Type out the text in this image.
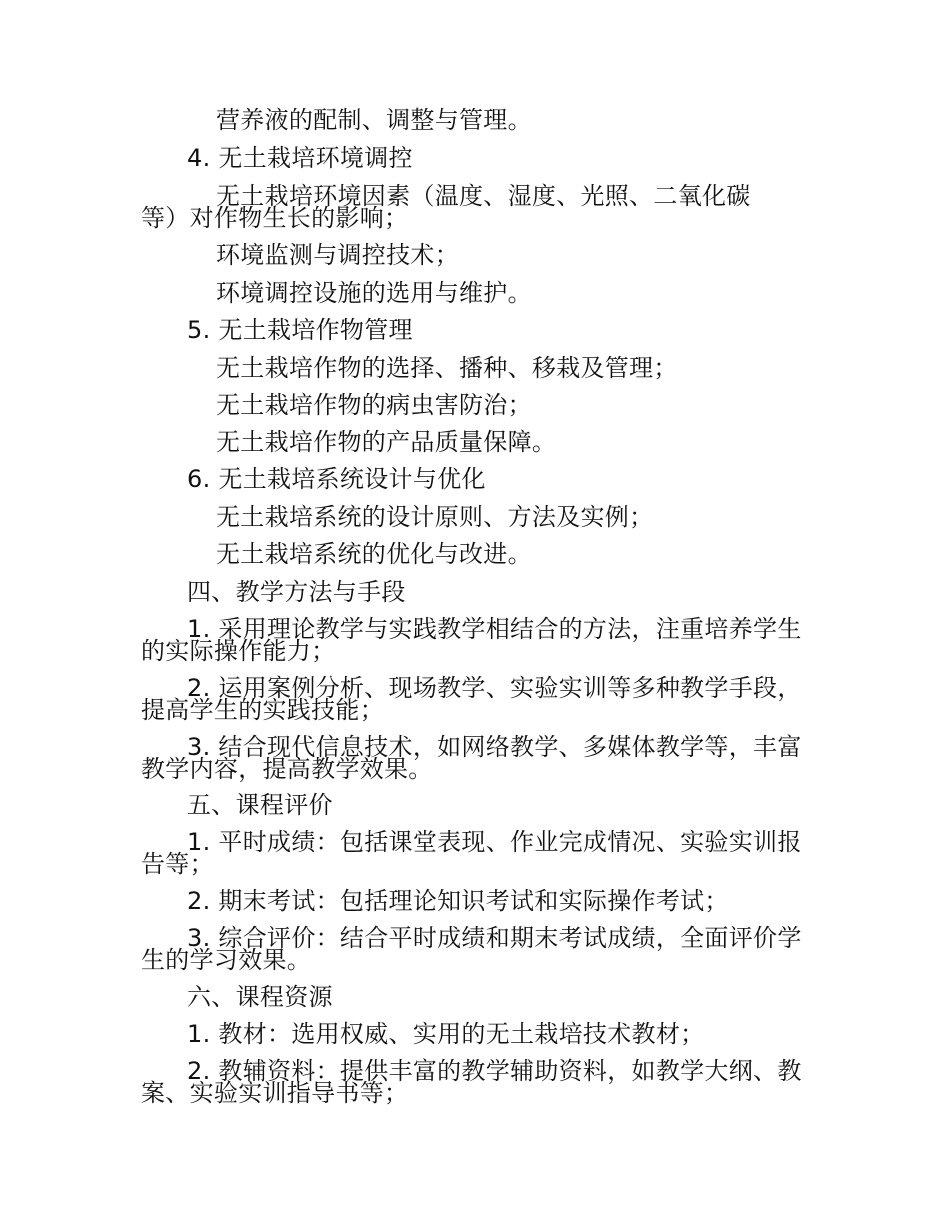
营养液的配制、调整与管理。
4. 无土栽培环境调控
无土栽培环境因素（温度、湿度、光照、二氧化碳
等）对作物生长的影响；
环境监测与调控技术；
环境调控设施的选用与维护。
5. 无土栽培作物管理
无土栽培作物的选择、播种、移栽及管理；
无土栽培作物的病虫害防治；
无土栽培作物的产品质量保障。
6. 无土栽培系统设计与优化
无土栽培系统的设计原则、方法及实例；
无土栽培系统的优化与改进。
四、教学方法与手段
1. 采用理论教学与实践教学相结合的方法，注重培养学生
的实际操作能力；
2. 运用案例分析、现场教学、实验实训等多种教学手段，
提高学生的实践技能；
3. 结合现代信息技术，如网络教学、多媒体教学等，丰富
教学内容，提高教学效果。
五、课程评价
1. 平时成绩：包括课堂表现、作业完成情况、实验实训报
告等；
2. 期末考试：包括理论知识考试和实际操作考试；
3. 综合评价：结合平时成绩和期末考试成绩，全面评价学
生的学习效果。
六、课程资源
1. 教材：选用权威、实用的无土栽培技术教材；
2. 教辅资料：提供丰富的教学辅助资料，如教学大纲、教
案、实验实训指导书等；
